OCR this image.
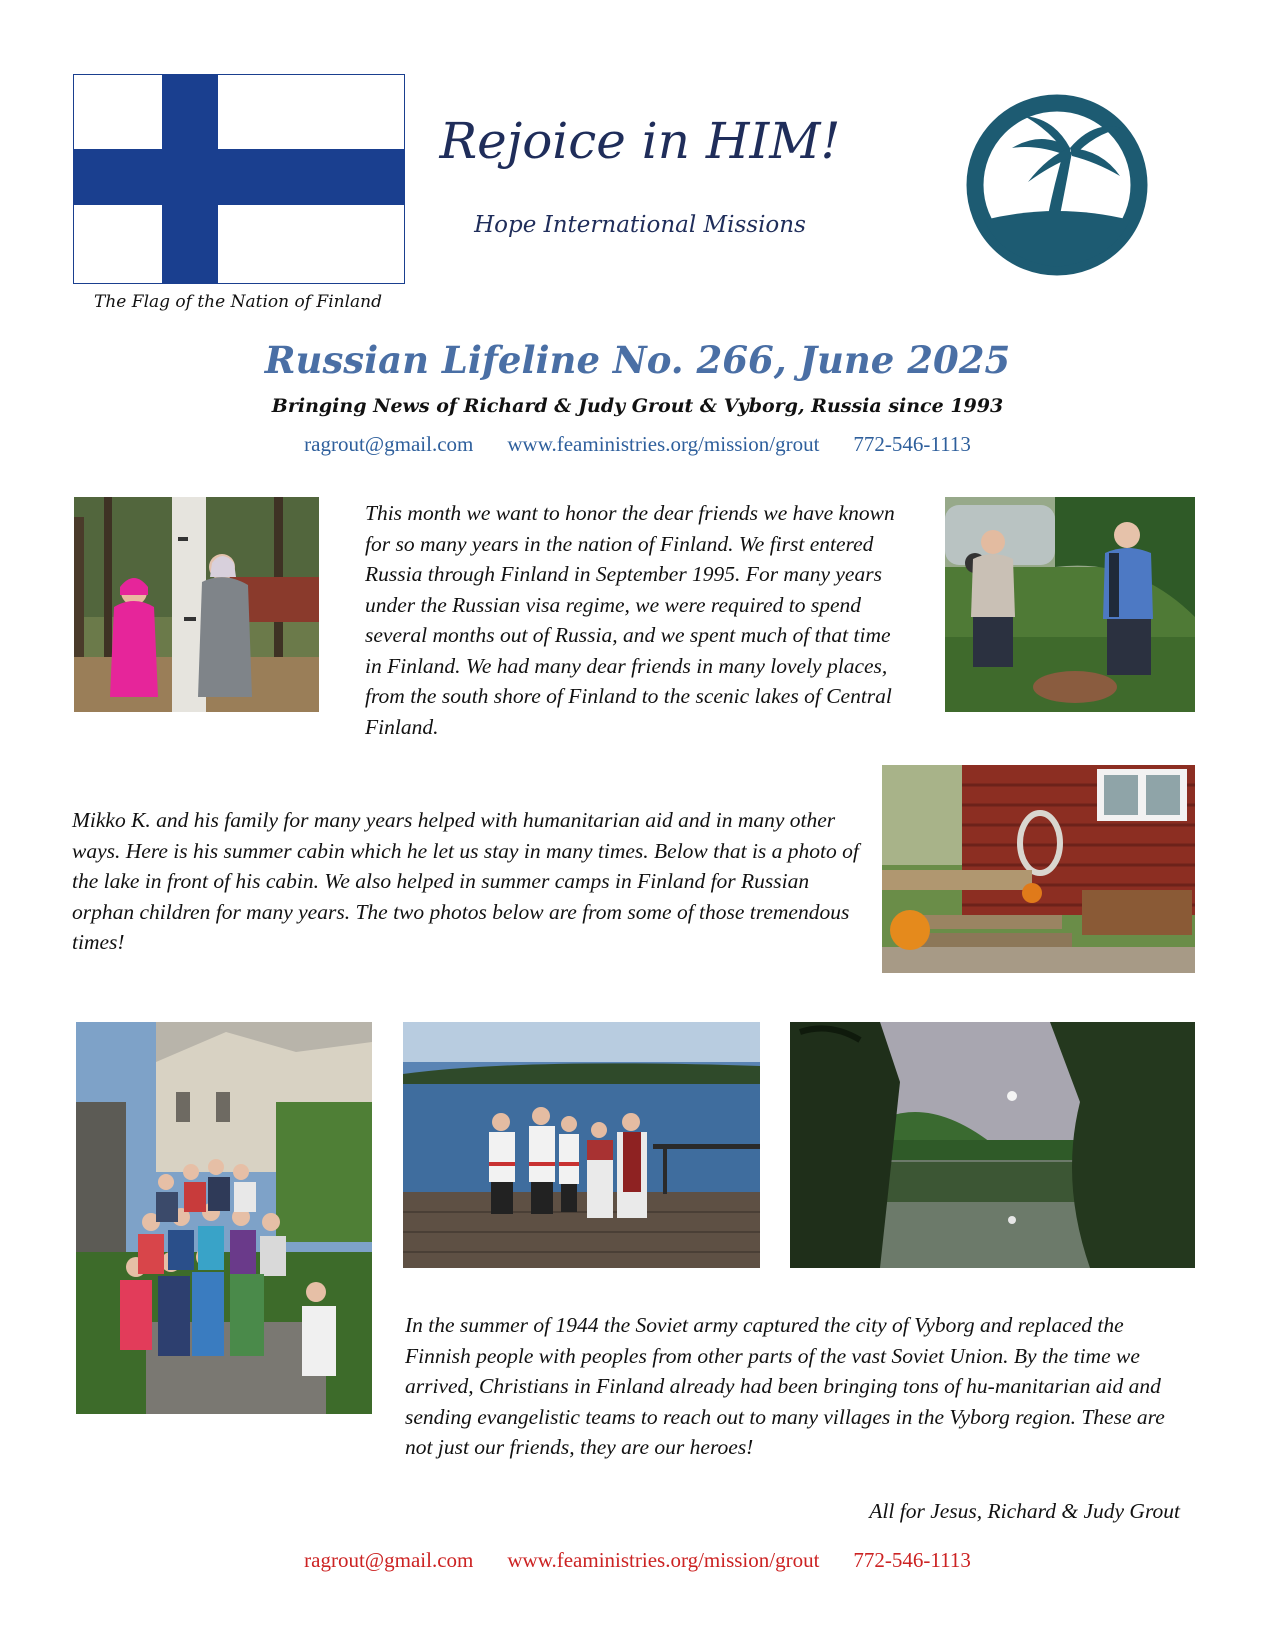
The Flag of the Nation of Finland
Rejoice in HIM!
Hope International Missions
Russian Lifeline No. 266, June 2025
Bringing News of Richard & Judy Grout & Vyborg, Russia since 1993
ragrout@gmail.com www.feaministries.org/mission/grout 772-546-1113

This month we want to honor the dear friends we have known for so many years in the nation of Finland. We first entered Russia through Finland in September 1995. For many years under the Russian visa regime, we were required to spend several months out of Russia, and we spent much of that time in Finland. We had many dear friends in many lovely places, from the south shore of Finland to the scenic lakes of Central Finland.

Mikko K. and his family for many years helped with humanitarian aid and in many other ways. Here is his summer cabin which he let us stay in many times. Below that is a photo of the lake in front of his cabin. We also helped in summer camps in Finland for Russian orphan children for many years. The two photos below are from some of those tremendous times!

In the summer of 1944 the Soviet army captured the city of Vyborg and replaced the Finnish people with peoples from other parts of the vast Soviet Union. By the time we arrived, Christians in Finland already had been bringing tons of hu-manitarian aid and sending evangelistic teams to reach out to many villages in the Vyborg region. These are not just our friends, they are our heroes!

All for Jesus, Richard & Judy Grout

ragrout@gmail.com www.feaministries.org/mission/grout 772-546-1113
